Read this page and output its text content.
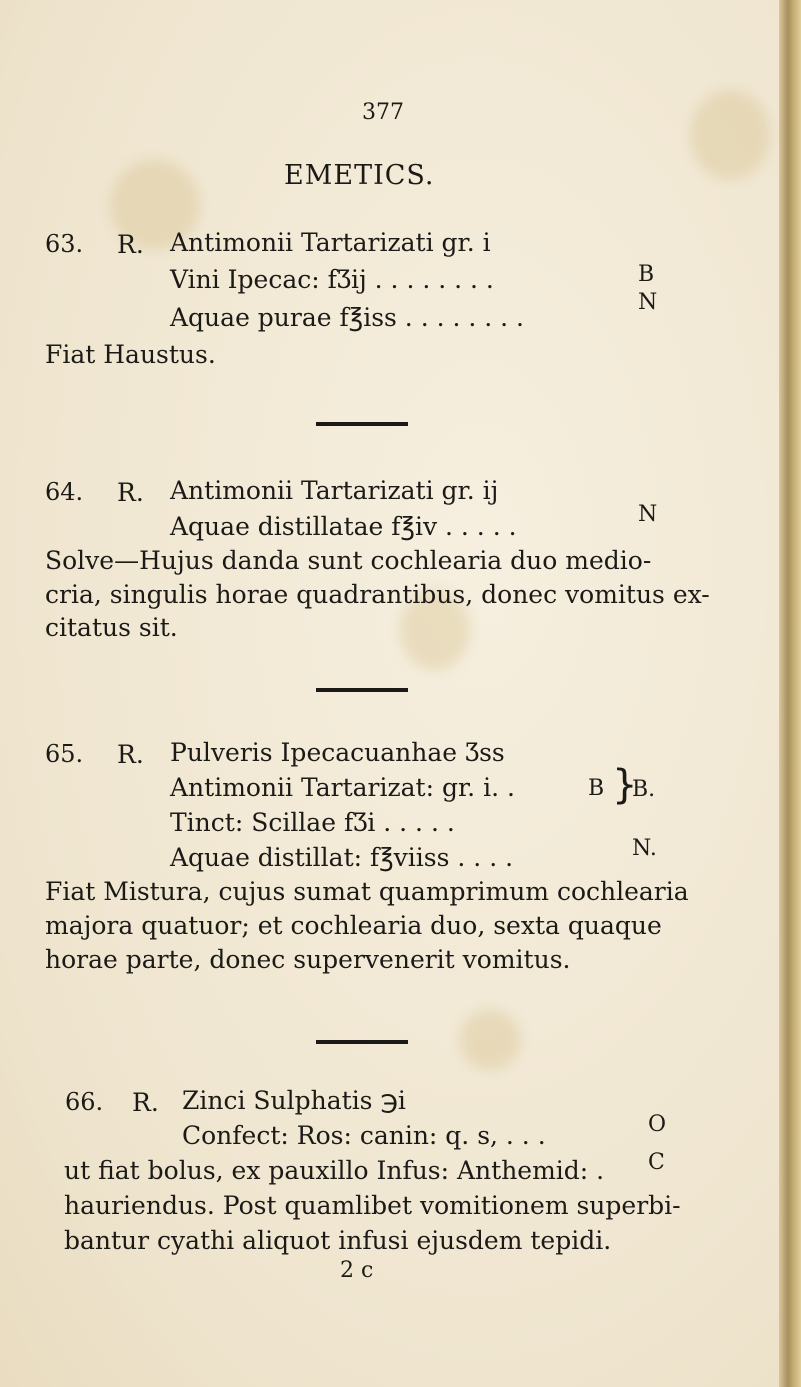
377
EMETICS.
63. R. Antimonii Tartarizati gr. i
Vini Ipecac: fƷij . . . . . . . .
Aquae purae f℥iss . . . . . . . .
Fiat Haustus.
B
N
64. R. Antimonii Tartarizati gr. ij
Aquae distillatae f℥iv . . . . .
Solve—Hujus danda sunt cochlearia duo medio-
cria, singulis horae quadrantibus, donec vomitus ex-
citatus sit.
N
65. R. Pulveris Ipecacuanhae Ʒss
Antimonii Tartarizat: gr. i. .
Tinct: Scillae fƷi . . . . .
Aquae distillat: f℥viiss . . . .
Fiat Mistura, cujus sumat quamprimum cochlearia
majora quatuor; et cochlearia duo, sexta quaque
horae parte, donec supervenerit vomitus.
B }
B.
N.
66. R. Zinci Sulphatis ℈i
Confect: Ros: canin: q. s, . . .
ut fiat bolus, ex pauxillo Infus: Anthemid: .
hauriendus. Post quamlibet vomitionem superbi-
bantur cyathi aliquot infusi ejusdem tepidi.
O
C
2 c
